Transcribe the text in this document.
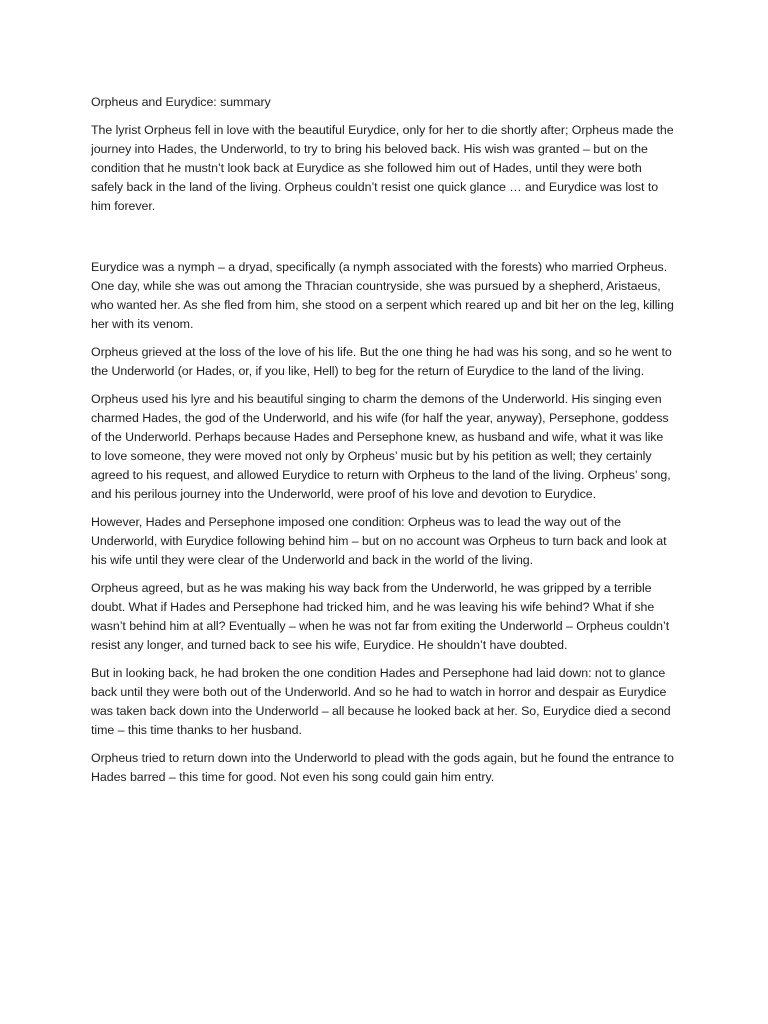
Orpheus and Eurydice: summary

The lyrist Orpheus fell in love with the beautiful Eurydice, only for her to die shortly after; Orpheus made the journey into Hades, the Underworld, to try to bring his beloved back. His wish was granted – but on the condition that he mustn’t look back at Eurydice as she followed him out of Hades, until they were both safely back in the land of the living. Orpheus couldn’t resist one quick glance … and Eurydice was lost to him forever.

Eurydice was a nymph – a dryad, specifically (a nymph associated with the forests) who married Orpheus. One day, while she was out among the Thracian countryside, she was pursued by a shepherd, Aristaeus, who wanted her. As she fled from him, she stood on a serpent which reared up and bit her on the leg, killing her with its venom.

Orpheus grieved at the loss of the love of his life. But the one thing he had was his song, and so he went to the Underworld (or Hades, or, if you like, Hell) to beg for the return of Eurydice to the land of the living.

Orpheus used his lyre and his beautiful singing to charm the demons of the Underworld. His singing even charmed Hades, the god of the Underworld, and his wife (for half the year, anyway), Persephone, goddess of the Underworld. Perhaps because Hades and Persephone knew, as husband and wife, what it was like to love someone, they were moved not only by Orpheus’ music but by his petition as well; they certainly agreed to his request, and allowed Eurydice to return with Orpheus to the land of the living. Orpheus’ song, and his perilous journey into the Underworld, were proof of his love and devotion to Eurydice.

However, Hades and Persephone imposed one condition: Orpheus was to lead the way out of the Underworld, with Eurydice following behind him – but on no account was Orpheus to turn back and look at his wife until they were clear of the Underworld and back in the world of the living.

Orpheus agreed, but as he was making his way back from the Underworld, he was gripped by a terrible doubt. What if Hades and Persephone had tricked him, and he was leaving his wife behind? What if she wasn’t behind him at all? Eventually – when he was not far from exiting the Underworld – Orpheus couldn’t resist any longer, and turned back to see his wife, Eurydice. He shouldn’t have doubted.

But in looking back, he had broken the one condition Hades and Persephone had laid down: not to glance back until they were both out of the Underworld. And so he had to watch in horror and despair as Eurydice was taken back down into the Underworld – all because he looked back at her. So, Eurydice died a second time – this time thanks to her husband.

Orpheus tried to return down into the Underworld to plead with the gods again, but he found the entrance to Hades barred – this time for good. Not even his song could gain him entry.
